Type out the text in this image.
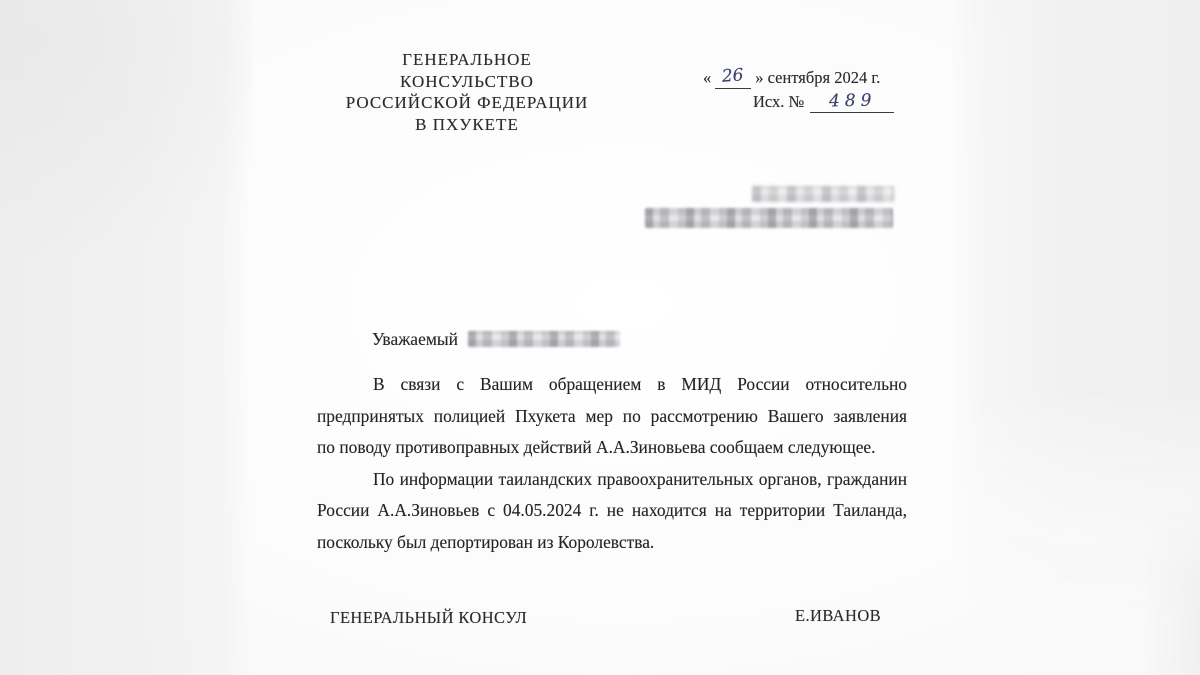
ГЕНЕРАЛЬНОЕ КОНСУЛЬСТВО
РОССИЙСКОЙ ФЕДЕРАЦИИ
В ПХУКЕТЕ
« 26 » сентября 2024 г.
Исх. № 489
Уважаемый
В связи с Вашим обращением в МИД России относительно
предпринятых полицией Пхукета мер по рассмотрению Вашего заявления
по поводу противоправных действий А.А.Зиновьева сообщаем следующее.
По информации таиландских правоохранительных органов, гражданин
России А.А.Зиновьев с 04.05.2024 г. не находится на территории Таиланда,
поскольку был депортирован из Королевства.
ГЕНЕРАЛЬНЫЙ КОНСУЛ	Е.ИВАНОВ
